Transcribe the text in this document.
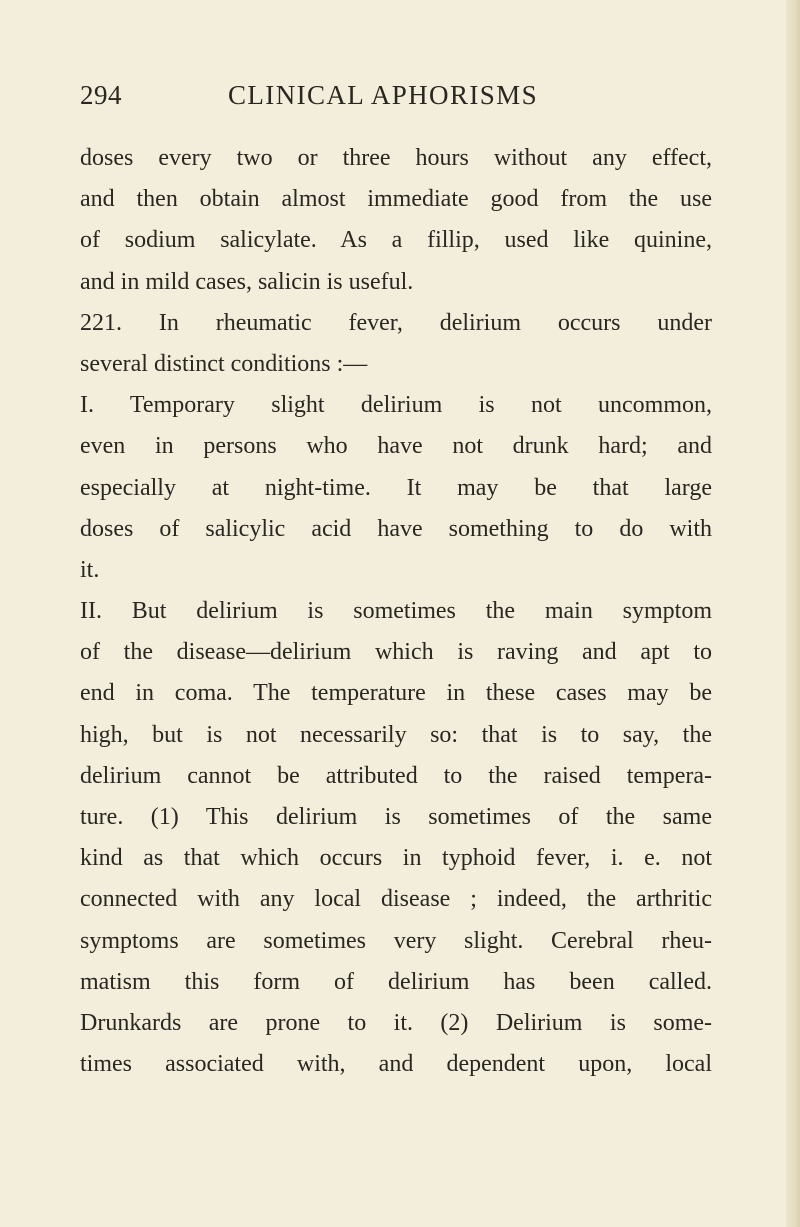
294	CLINICAL APHORISMS
doses every two or three hours without any effect,
and then obtain almost immediate good from the use
of sodium salicylate. As a fillip, used like quinine,
and in mild cases, salicin is useful.
221. In rheumatic fever, delirium occurs under
several distinct conditions :—
I. Temporary slight delirium is not uncommon,
even in persons who have not drunk hard; and
especially at night-time. It may be that large
doses of salicylic acid have something to do with
it.
II. But delirium is sometimes the main symptom
of the disease—delirium which is raving and apt to
end in coma. The temperature in these cases may be
high, but is not necessarily so: that is to say, the
delirium cannot be attributed to the raised tempera-
ture. (1) This delirium is sometimes of the same
kind as that which occurs in typhoid fever, i. e. not
connected with any local disease ; indeed, the arthritic
symptoms are sometimes very slight. Cerebral rheu-
matism this form of delirium has been called.
Drunkards are prone to it. (2) Delirium is some-
times associated with, and dependent upon, local
